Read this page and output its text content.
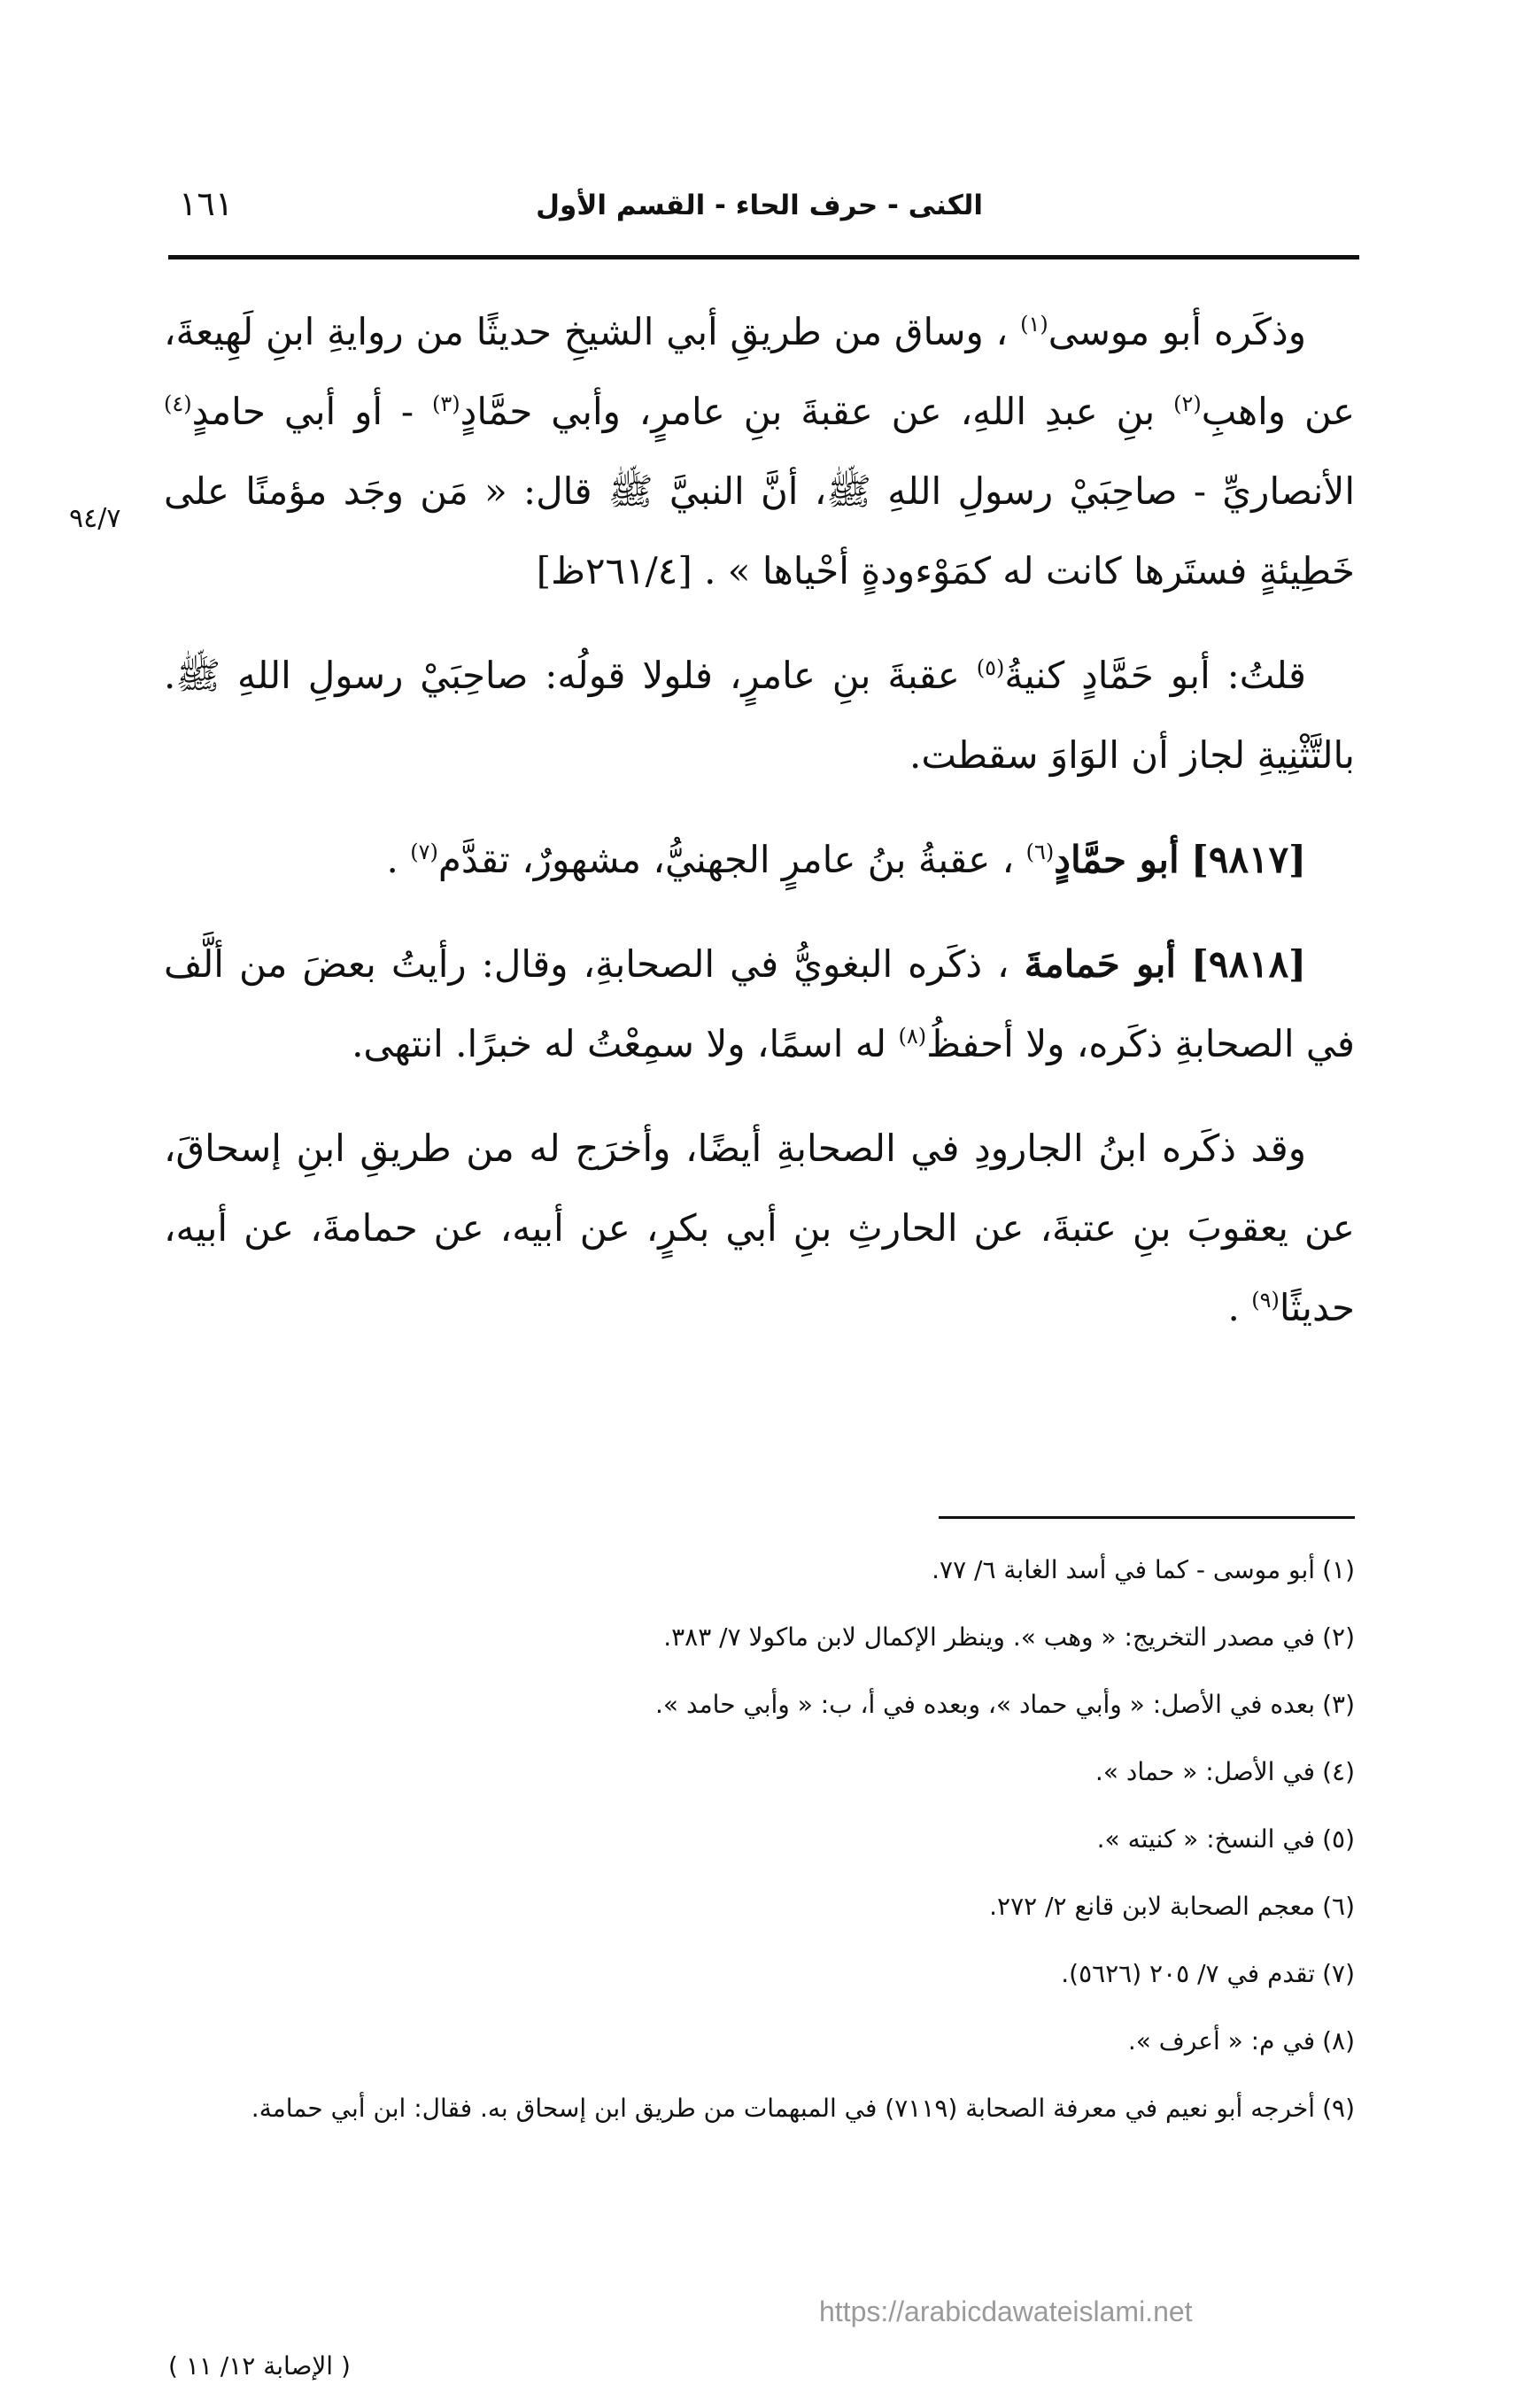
الكنى - حرف الحاء - القسم الأول
١٦١
٩٤/٧

وذكَره أبو موسى$^{(١)}$ ، وساق من طريقِ أبي الشيخِ حديثًا من روايةِ ابنِ لَهِيعةَ، عن واهبِ$^{(٢)}$ بنِ عبدِ اللهِ، عن عقبةَ بنِ عامرٍ، وأبي حمَّادٍ$^{(٣)}$ - أو أبي حامدٍ$^{(٤)}$ الأنصاريِّ - صاحِبَيْ رسولِ اللهِ ﷺ، أنَّ النبيَّ ﷺ قال: « مَن وجَد مؤمنًا على خَطِيئةٍ فستَرها كانت له كمَوْءودةٍ أحْياها » . [٢٦١/٤ظ]

قلتُ: أبو حَمَّادٍ كنيةُ$^{(٥)}$ عقبةَ بنِ عامرٍ، فلولا قولُه: صاحِبَيْ رسولِ اللهِ ﷺ. بالتَّثْنِيةِ لجاز أن الوَاوَ سقطت.

[٩٨١٧] أبو حمَّادٍ$^{(٦)}$ ، عقبةُ بنُ عامرٍ الجهنيُّ، مشهورٌ، تقدَّم$^{(٧)}$ .

[٩٨١٨] أبو حَمامةَ ، ذكَره البغويُّ في الصحابةِ، وقال: رأيتُ بعضَ من ألَّف في الصحابةِ ذكَره، ولا أحفظُ$^{(٨)}$ له اسمًا، ولا سمِعْتُ له خبرًا. انتهى.

وقد ذكَره ابنُ الجارودِ في الصحابةِ أيضًا، وأخرَج له من طريقِ ابنِ إسحاقَ، عن يعقوبَ بنِ عتبةَ، عن الحارثِ بنِ أبي بكرٍ، عن أبيه، عن حمامةَ، عن أبيه، حديثًا$^{(٩)}$ .

(١)أبو موسى - كما في أسد الغابة ٦/ ٧٧.
(٢)في مصدر التخريج: « وهب ». وينظر الإكمال لابن ماكولا ٧/ ٣٨٣.
(٣)بعده في الأصل: « وأبي حماد »، وبعده في أ، ب: « وأبي حامد ».
(٤)في الأصل: « حماد ».
(٥)في النسخ: « كنيته ».
(٦)معجم الصحابة لابن قانع ٢/ ٢٧٢.
(٧)تقدم في ٧/ ٢٠٥ (٥٦٢٦).
(٨)في م: « أعرف ».
(٩)أخرجه أبو نعيم في معرفة الصحابة (٧١١٩) في المبهمات من طريق ابن إسحاق به. فقال: ابن أبي حمامة.
https://arabicdawateislami.net
( الإصابة ١٢/ ١١ )
